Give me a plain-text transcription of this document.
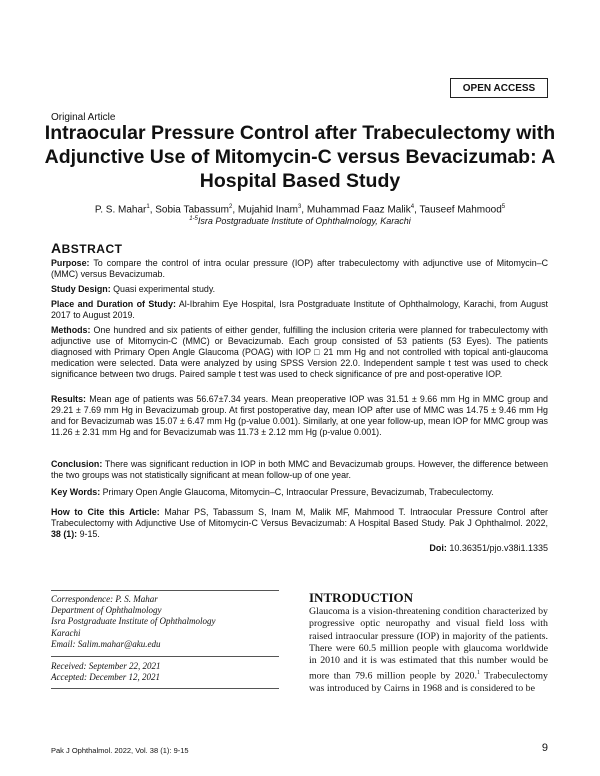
OPEN ACCESS
Original Article
Intraocular Pressure Control after Trabeculectomy with Adjunctive Use of Mitomycin-C versus Bevacizumab: A Hospital Based Study
P. S. Mahar$^1$, Sobia Tabassum$^2$, Mujahid Inam$^3$, Muhammad Faaz Malik$^4$, Tauseef Mahmood$^5$
$^{1-5}$Isra Postgraduate Institute of Ophthalmology, Karachi
ABSTRACT
Purpose: To compare the control of intra ocular pressure (IOP) after trabeculectomy with adjunctive use of Mitomycin–C (MMC) versus Bevacizumab.
Study Design: Quasi experimental study.
Place and Duration of Study: Al-Ibrahim Eye Hospital, Isra Postgraduate Institute of Ophthalmology, Karachi, from August 2017 to August 2019.
Methods: One hundred and six patients of either gender, fulfilling the inclusion criteria were planned for trabeculectomy with adjunctive use of Mitomycin-C (MMC) or Bevacizumab. Each group consisted of 53 patients (53 Eyes). The patients diagnosed with Primary Open Angle Glaucoma (POAG) with IOP □ 21 mm Hg and not controlled with topical anti-glaucoma medication were selected. Data were analyzed by using SPSS Version 22.0. Independent sample t test was used to check significance between two drugs. Paired sample t test was used to check significance of pre and post-operative IOP.
Results: Mean age of patients was 56.67±7.34 years. Mean preoperative IOP was 31.51 ± 9.66 mm Hg in MMC group and 29.21 ± 7.69 mm Hg in Bevacizumab group. At first postoperative day, mean IOP after use of MMC was 14.75 ± 9.46 mm Hg and for Bevacizumab was 15.07 ± 6.47 mm Hg (p-value 0.001). Similarly, at one year follow-up, mean IOP for MMC group was 11.26 ± 2.31 mm Hg and for Bevacizumab was 11.73 ± 2.12 mm Hg (p-value 0.001).
Conclusion: There was significant reduction in IOP in both MMC and Bevacizumab groups. However, the difference between the two groups was not statistically significant at mean follow-up of one year.
Key Words: Primary Open Angle Glaucoma, Mitomycin–C, Intraocular Pressure, Bevacizumab, Trabeculectomy.
How to Cite this Article: Mahar PS, Tabassum S, Inam M, Malik MF, Mahmood T. Intraocular Pressure Control after Trabeculectomy with Adjunctive Use of Mitomycin-C Versus Bevacizumab: A Hospital Based Study. Pak J Ophthalmol. 2022, 38 (1): 9-15.
Doi: 10.36351/pjo.v38i1.1335
Correspondence: P. S. Mahar
Department of Ophthalmology
Isra Postgraduate Institute of Ophthalmology
Karachi
Email: Salim.mahar@aku.edu
Received: September 22, 2021
Accepted: December 12, 2021
INTRODUCTION
Glaucoma is a vision-threatening condition characterized by progressive optic neuropathy and visual field loss with raised intraocular pressure (IOP) in majority of the patients. There were 60.5 million people with glaucoma worldwide in 2010 and it is was estimated that this number would be more than 79.6 million people by 2020.$^1$ Trabeculectomy was introduced by Cairns in 1968 and is considered to be
Pak J Ophthalmol. 2022, Vol. 38 (1): 9-15	9
